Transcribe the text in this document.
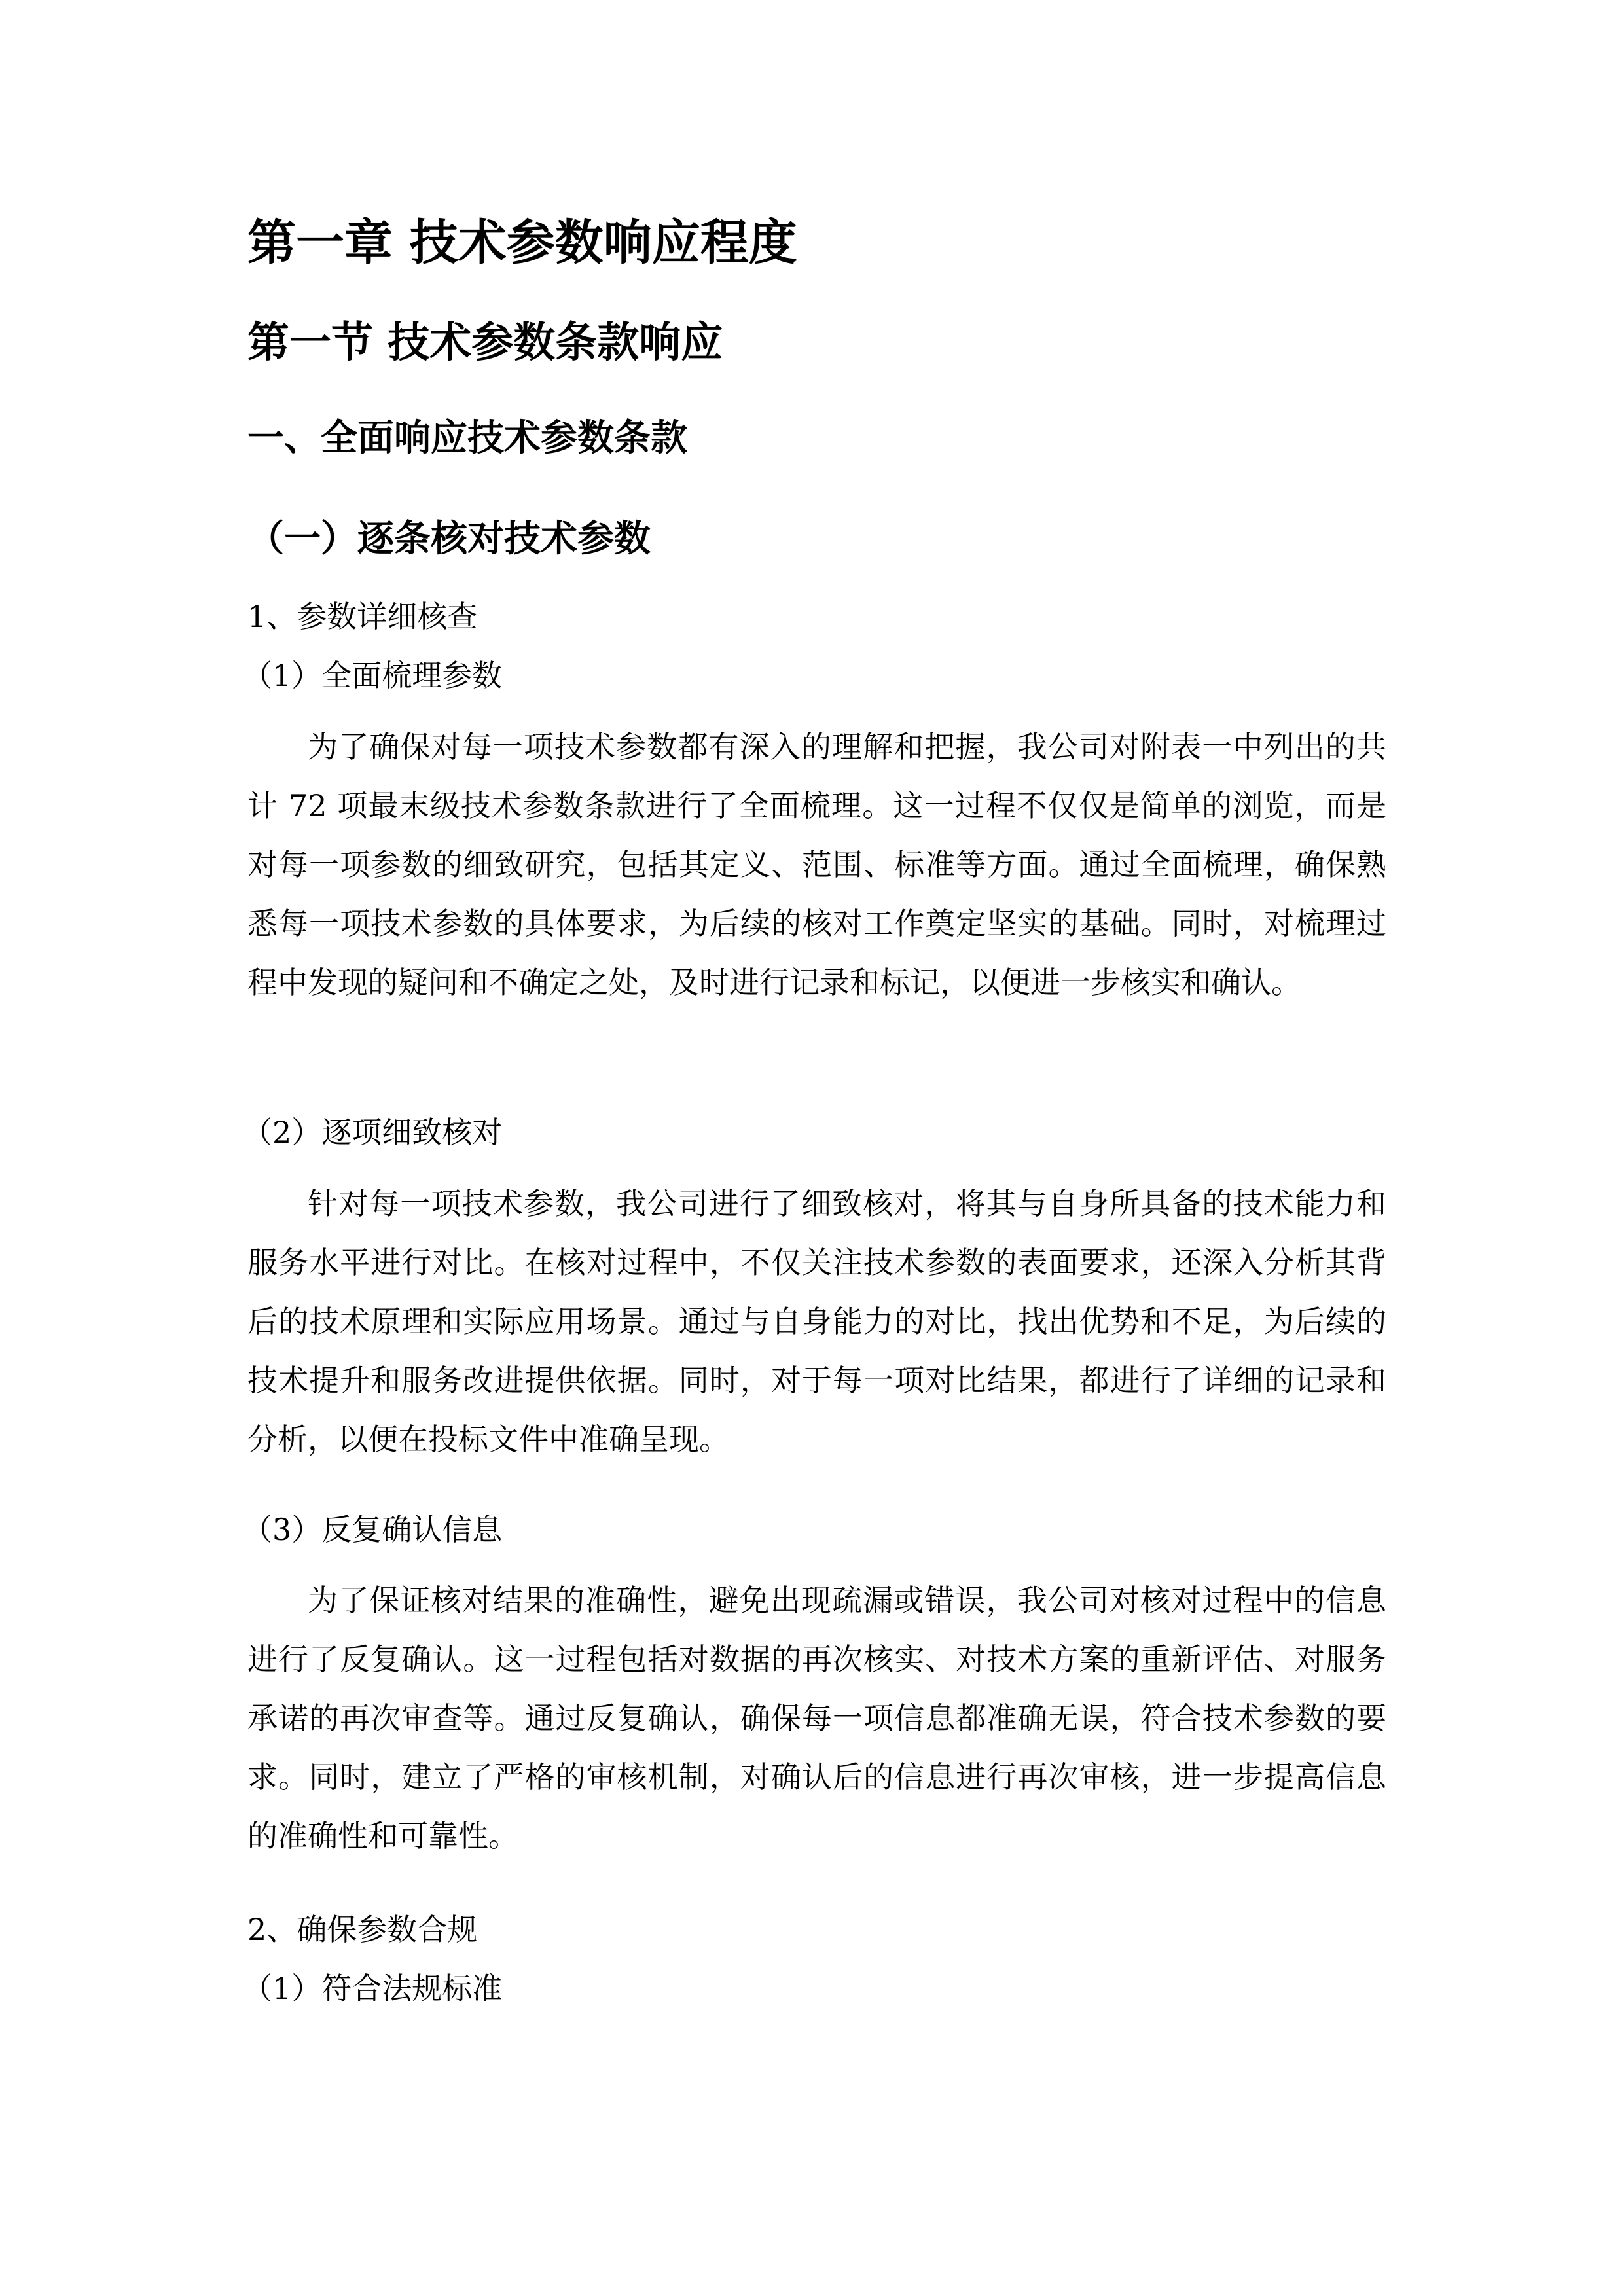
第一章 技术参数响应程度
第一节 技术参数条款响应
一、全面响应技术参数条款
（一）逐条核对技术参数
1、参数详细核查
（1）全面梳理参数

为了确保对每一项技术参数都有深入的理解和把握，我公司对附表一中列出的共计 72 项最末级技术参数条款进行了全面梳理。这一过程不仅仅是简单的浏览，而是对每一项参数的细致研究，包括其定义、范围、标准等方面。通过全面梳理，确保熟悉每一项技术参数的具体要求，为后续的核对工作奠定坚实的基础。同时，对梳理过程中发现的疑问和不确定之处，及时进行记录和标记，以便进一步核实和确认。

（2）逐项细致核对

针对每一项技术参数，我公司进行了细致核对，将其与自身所具备的技术能力和服务水平进行对比。在核对过程中，不仅关注技术参数的表面要求，还深入分析其背后的技术原理和实际应用场景。通过与自身能力的对比，找出优势和不足，为后续的技术提升和服务改进提供依据。同时，对于每一项对比结果，都进行了详细的记录和分析，以便在投标文件中准确呈现。

（3）反复确认信息

为了保证核对结果的准确性，避免出现疏漏或错误，我公司对核对过程中的信息进行了反复确认。这一过程包括对数据的再次核实、对技术方案的重新评估、对服务承诺的再次审查等。通过反复确认，确保每一项信息都准确无误，符合技术参数的要求。同时，建立了严格的审核机制，对确认后的信息进行再次审核，进一步提高信息的准确性和可靠性。

2、确保参数合规
（1）符合法规标准
